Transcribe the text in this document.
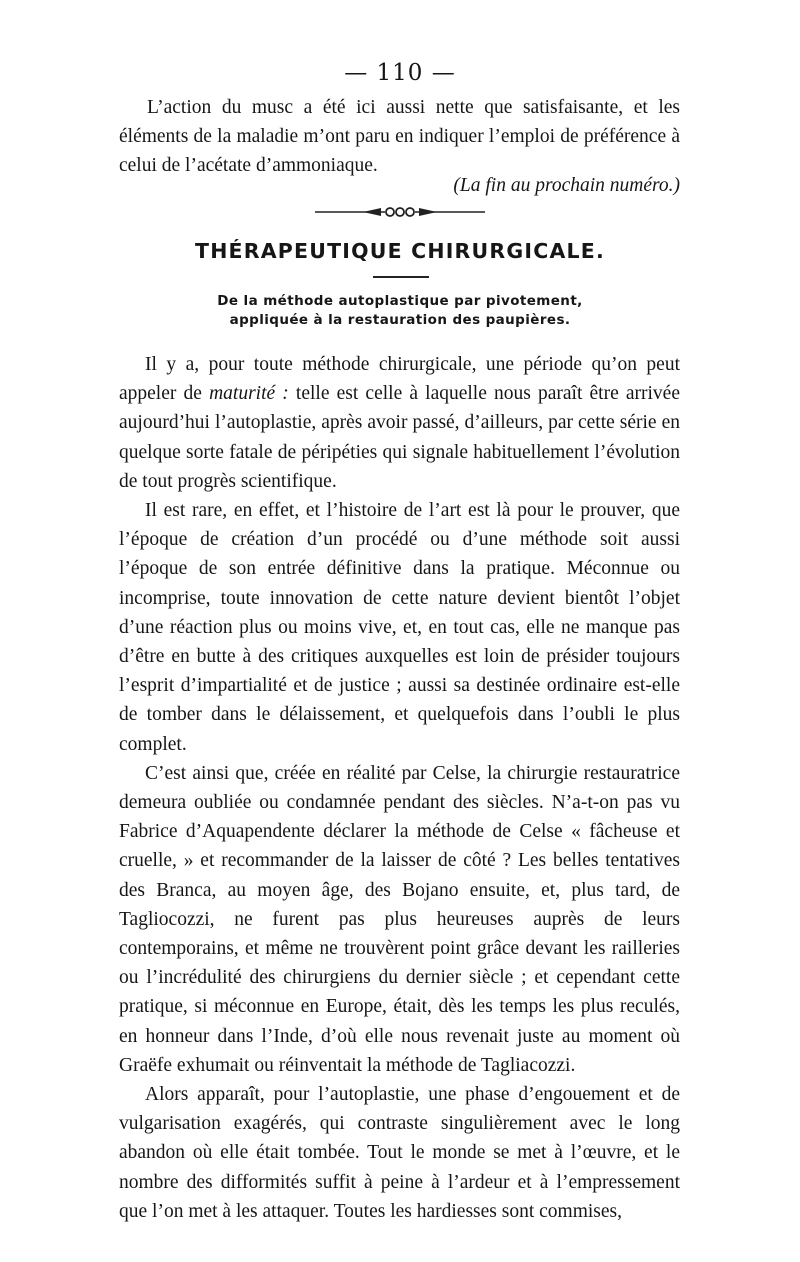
— 110 —

L’action du musc a été ici aussi nette que satisfaisante, et les éléments de la maladie m’ont paru en indiquer l’emploi de préférence à celui de l’acétate d’ammoniaque.

(La fin au prochain numéro.)
THÉRAPEUTIQUE CHIRURGICALE.
De la méthode autoplastique par pivotement,
appliquée à la restauration des paupières.

Il y a, pour toute méthode chirurgicale, une période qu’on peut appeler de maturité : telle est celle à laquelle nous paraît être arrivée aujourd’hui l’autoplastie, après avoir passé, d’ailleurs, par cette série en quelque sorte fatale de péripéties qui signale habituellement l’évolution de tout progrès scientifique.

Il est rare, en effet, et l’histoire de l’art est là pour le prouver, que l’époque de création d’un procédé ou d’une méthode soit aussi l’époque de son entrée définitive dans la pratique. Méconnue ou incomprise, toute innovation de cette nature devient bientôt l’objet d’une réaction plus ou moins vive, et, en tout cas, elle ne manque pas d’être en butte à des critiques auxquelles est loin de présider toujours l’esprit d’impartialité et de justice ; aussi sa destinée ordinaire est-elle de tomber dans le délaissement, et quelquefois dans l’oubli le plus complet.

C’est ainsi que, créée en réalité par Celse, la chirurgie restauratrice demeura oubliée ou condamnée pendant des siècles. N’a-t-on pas vu Fabrice d’Aquapendente déclarer la méthode de Celse « fâcheuse et cruelle, » et recommander de la laisser de côté ? Les belles tentatives des Branca, au moyen âge, des Bojano ensuite, et, plus tard, de Tagliocozzi, ne furent pas plus heureuses auprès de leurs contemporains, et même ne trouvèrent point grâce devant les railleries ou l’incrédulité des chirurgiens du dernier siècle ; et cependant cette pratique, si méconnue en Europe, était, dès les temps les plus reculés, en honneur dans l’Inde, d’où elle nous revenait juste au moment où Graëfe exhumait ou réinventait la méthode de Tagliacozzi.

Alors apparaît, pour l’autoplastie, une phase d’engouement et de vulgarisation exagérés, qui contraste singulièrement avec le long abandon où elle était tombée. Tout le monde se met à l’œuvre, et le nombre des difformités suffit à peine à l’ardeur et à l’empressement que l’on met à les attaquer. Toutes les hardiesses sont commises,
